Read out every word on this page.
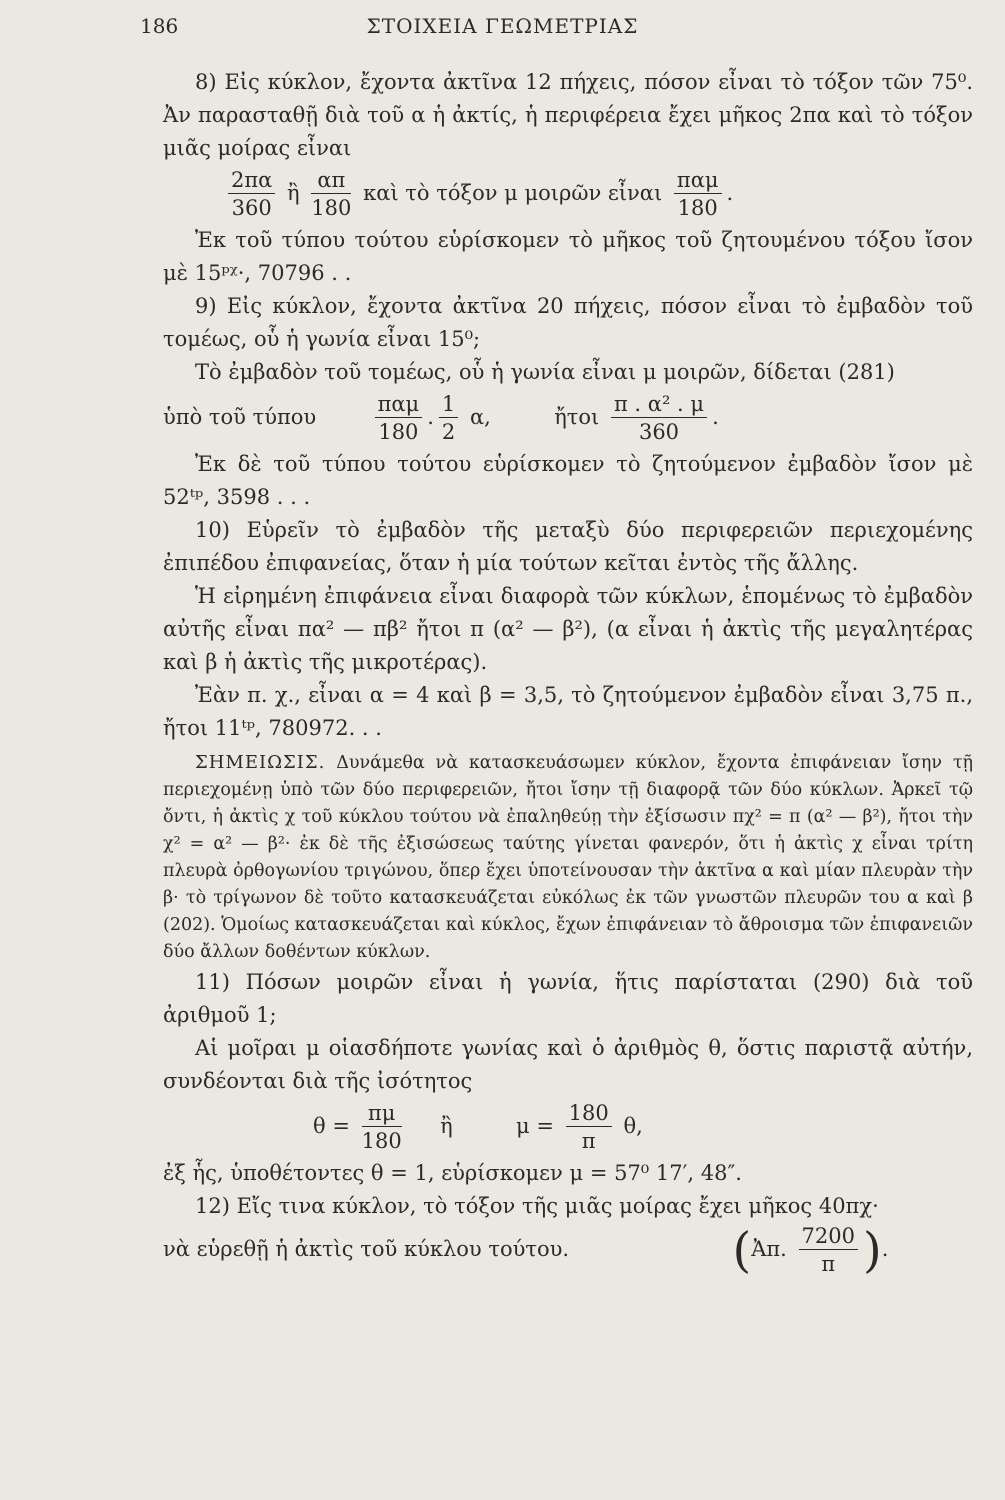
186	ΣΤΟΙΧΕΙΑ ΓΕΩΜΕΤΡΙΑΣ

8) Εἰς κύκλον, ἔχοντα ἀκτῖνα 12 πήχεις, πόσον εἶναι τὸ τόξον τῶν 75⁰. Ἀν παρασταθῇ διὰ τοῦ α ἡ ἀκτίς, ἡ περιφέρεια ἔχει μῆκος 2πα καὶ τὸ τόξον μιᾶς μοίρας εἶναι

$\frac{2\pi\alpha}{360}$ ἢ $\frac{\alpha\pi}{180}$ καὶ τὸ τόξον μ μοιρῶν εἶναι $\frac{\text{παμ}}{180}$ .

Ἐκ τοῦ τύπου τούτου εὑρίσκομεν τὸ μῆκος τοῦ ζητουμένου τόξου ἴσον μὲ 15ᵖᵡ·, 70796 . .

9) Εἰς κύκλον, ἔχοντα ἀκτῖνα 20 πήχεις, πόσον εἶναι τὸ ἐμβαδὸν τοῦ τομέως, οὗ ἡ γωνία εἶναι 15⁰;

Τὸ ἐμβαδὸν τοῦ τομέως, οὗ ἡ γωνία εἶναι μ μοιρῶν, δίδεται (281)

ὑπὸ τοῦ τύπου	$\frac{\text{παμ}}{180}$ . $\frac{1}{2} \alpha$,	ἤτοι $\frac{\text{π . α² . μ}}{360}$ .

Ἐκ δὲ τοῦ τύπου τούτου εὑρίσκομεν τὸ ζητούμενον ἐμβαδὸν ἴσον μὲ 52ᵗᵖ, 3598 . . .

10) Εὑρεῖν τὸ ἐμβαδὸν τῆς μεταξὺ δύο περιφερειῶν περιεχομένης ἐπιπέδου ἐπιφανείας, ὅταν ἡ μία τούτων κεῖται ἐντὸς τῆς ἄλλης.

Ἡ εἰρημένη ἐπιφάνεια εἶναι διαφορὰ τῶν κύκλων, ἑπομένως τὸ ἐμβαδὸν αὐτῆς εἶναι πα² — πβ² ἤτοι π (α² — β²), (α εἶναι ἡ ἀκτὶς τῆς μεγαλητέρας καὶ β ἡ ἀκτὶς τῆς μικροτέρας).

Ἐὰν π. χ., εἶναι α = 4 καὶ β = 3,5, τὸ ζητούμενον ἐμβαδὸν εἶναι 3,75 π., ἤτοι 11ᵗᵖ, 780972. . .

ΣΗΜΕΙΩΣΙΣ. Δυνάμεθα νὰ κατασκευάσωμεν κύκλον, ἔχοντα ἐπιφάνειαν ἴσην τῇ περιεχομένῃ ὑπὸ τῶν δύο περιφερειῶν, ἤτοι ἴσην τῇ διαφορᾷ τῶν δύο κύκλων. Ἀρκεῖ τῷ ὄντι, ἡ ἀκτὶς χ τοῦ κύκλου τούτου νὰ ἐπαληθεύῃ τὴν ἐξίσωσιν πχ² = π (α² — β²), ἤτοι τὴν χ² = α² — β²· ἐκ δὲ τῆς ἐξισώσεως ταύτης γίνεται φανερόν, ὅτι ἡ ἀκτὶς χ εἶναι τρίτη πλευρὰ ὀρθογωνίου τριγώνου, ὅπερ ἔχει ὑποτείνουσαν τὴν ἀκτῖνα α καὶ μίαν πλευρὰν τὴν β· τὸ τρίγωνον δὲ τοῦτο κατασκευάζεται εὐκόλως ἐκ τῶν γνωστῶν πλευρῶν του α καὶ β (202). Ὁμοίως κατασκευάζεται καὶ κύκλος, ἔχων ἐπιφάνειαν τὸ ἄθροισμα τῶν ἐπιφανειῶν δύο ἄλλων δοθέντων κύκλων.

11) Πόσων μοιρῶν εἶναι ἡ γωνία, ἥτις παρίσταται (290) διὰ τοῦ ἀριθμοῦ 1;

Αἱ μοῖραι μ οἱασδήποτε γωνίας καὶ ὁ ἀριθμὸς θ, ὅστις παριστᾷ αὐτήν, συνδέονται διὰ τῆς ἰσότητος

$\theta = \frac{\pi\mu}{180}$ ἢ	$\mu = \frac{180}{\pi} \theta$,

ἐξ ἧς, ὑποθέτοντες θ = 1, εὑρίσκομεν μ = 57⁰ 17′, 48″.

12) Εἴς τινα κύκλον, τὸ τόξον τῆς μιᾶς μοίρας ἔχει μῆκος 40πχ·

νὰ εὑρεθῇ ἡ ἀκτὶς τοῦ κύκλου τούτου.	(Ἀπ. $\frac{7200}{\pi}$ ).
